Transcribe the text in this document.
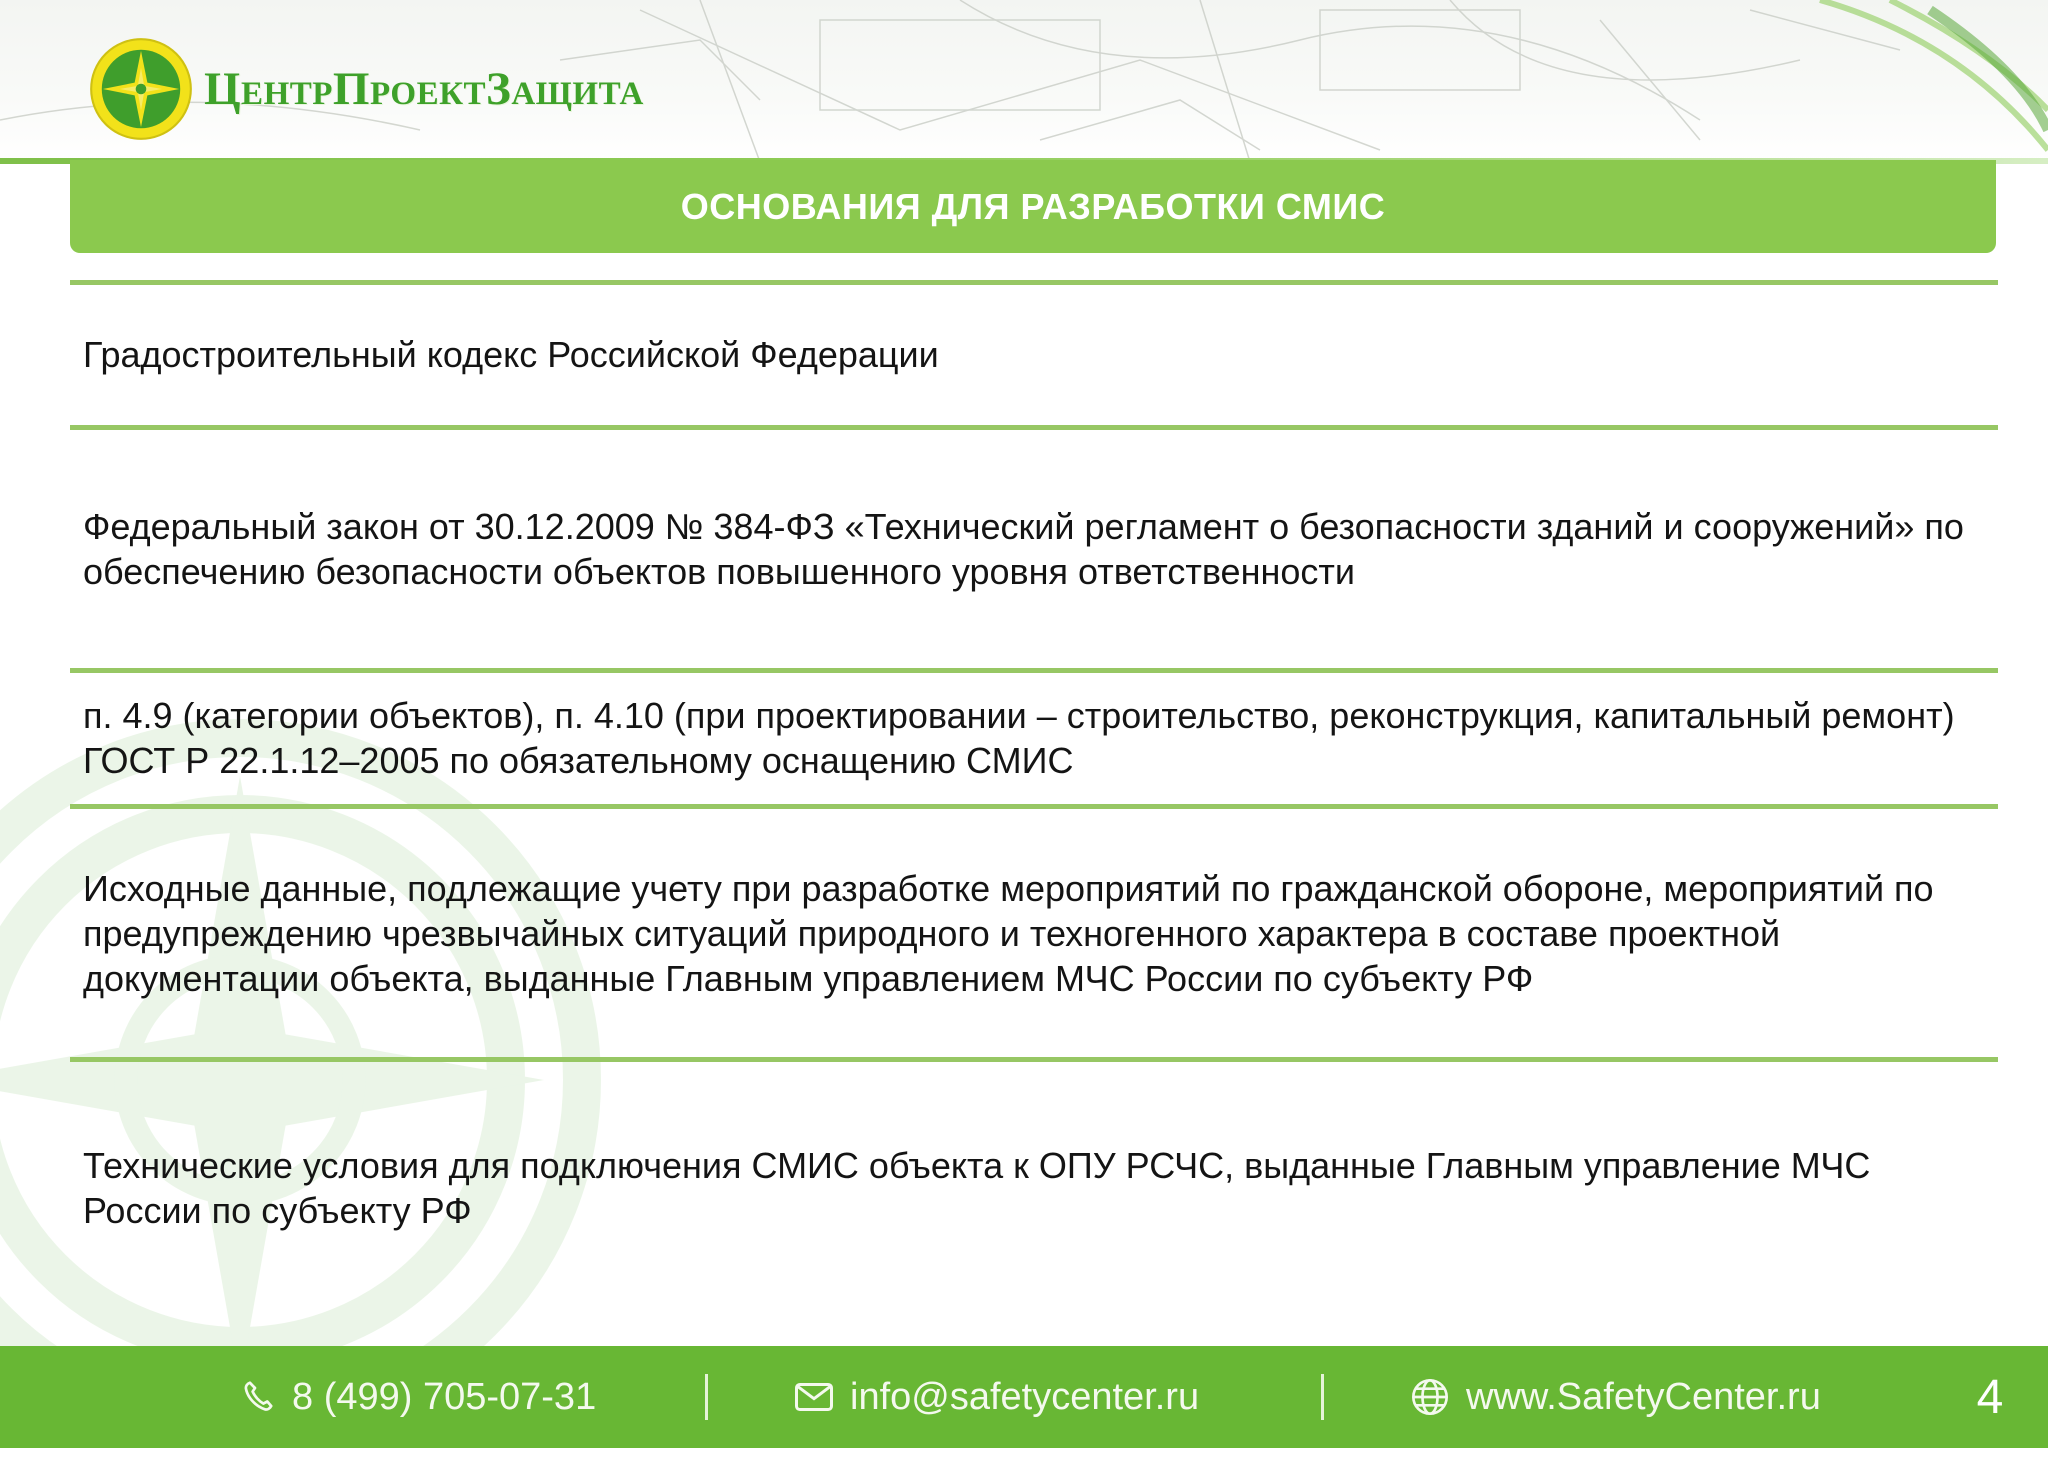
ЦентрПроектЗащита
ОСНОВАНИЯ ДЛЯ РАЗРАБОТКИ СМИС

Градостроительный кодекс Российской Федерации

Федеральный закон от 30.12.2009 № 384-ФЗ «Технический регламент о безопасности зданий и сооружений» по обеспечению безопасности объектов повышенного уровня ответственности

п. 4.9 (категории объектов), п. 4.10 (при проектировании – строительство, реконструкция, капитальный ремонт) ГОСТ Р 22.1.12–2005 по обязательному оснащению СМИС

Исходные данные, подлежащие учету при разработке мероприятий по гражданской обороне, мероприятий по предупреждению чрезвычайных ситуаций природного и техногенного характера в составе проектной документации объекта, выданные Главным управлением МЧС России по субъекту РФ

Технические условия для подключения СМИС объекта к ОПУ РСЧС, выданные Главным управление МЧС России по субъекту РФ

8 (499) 705-07-31	info@safetycenter.ru	www.SafetyCenter.ru	4
